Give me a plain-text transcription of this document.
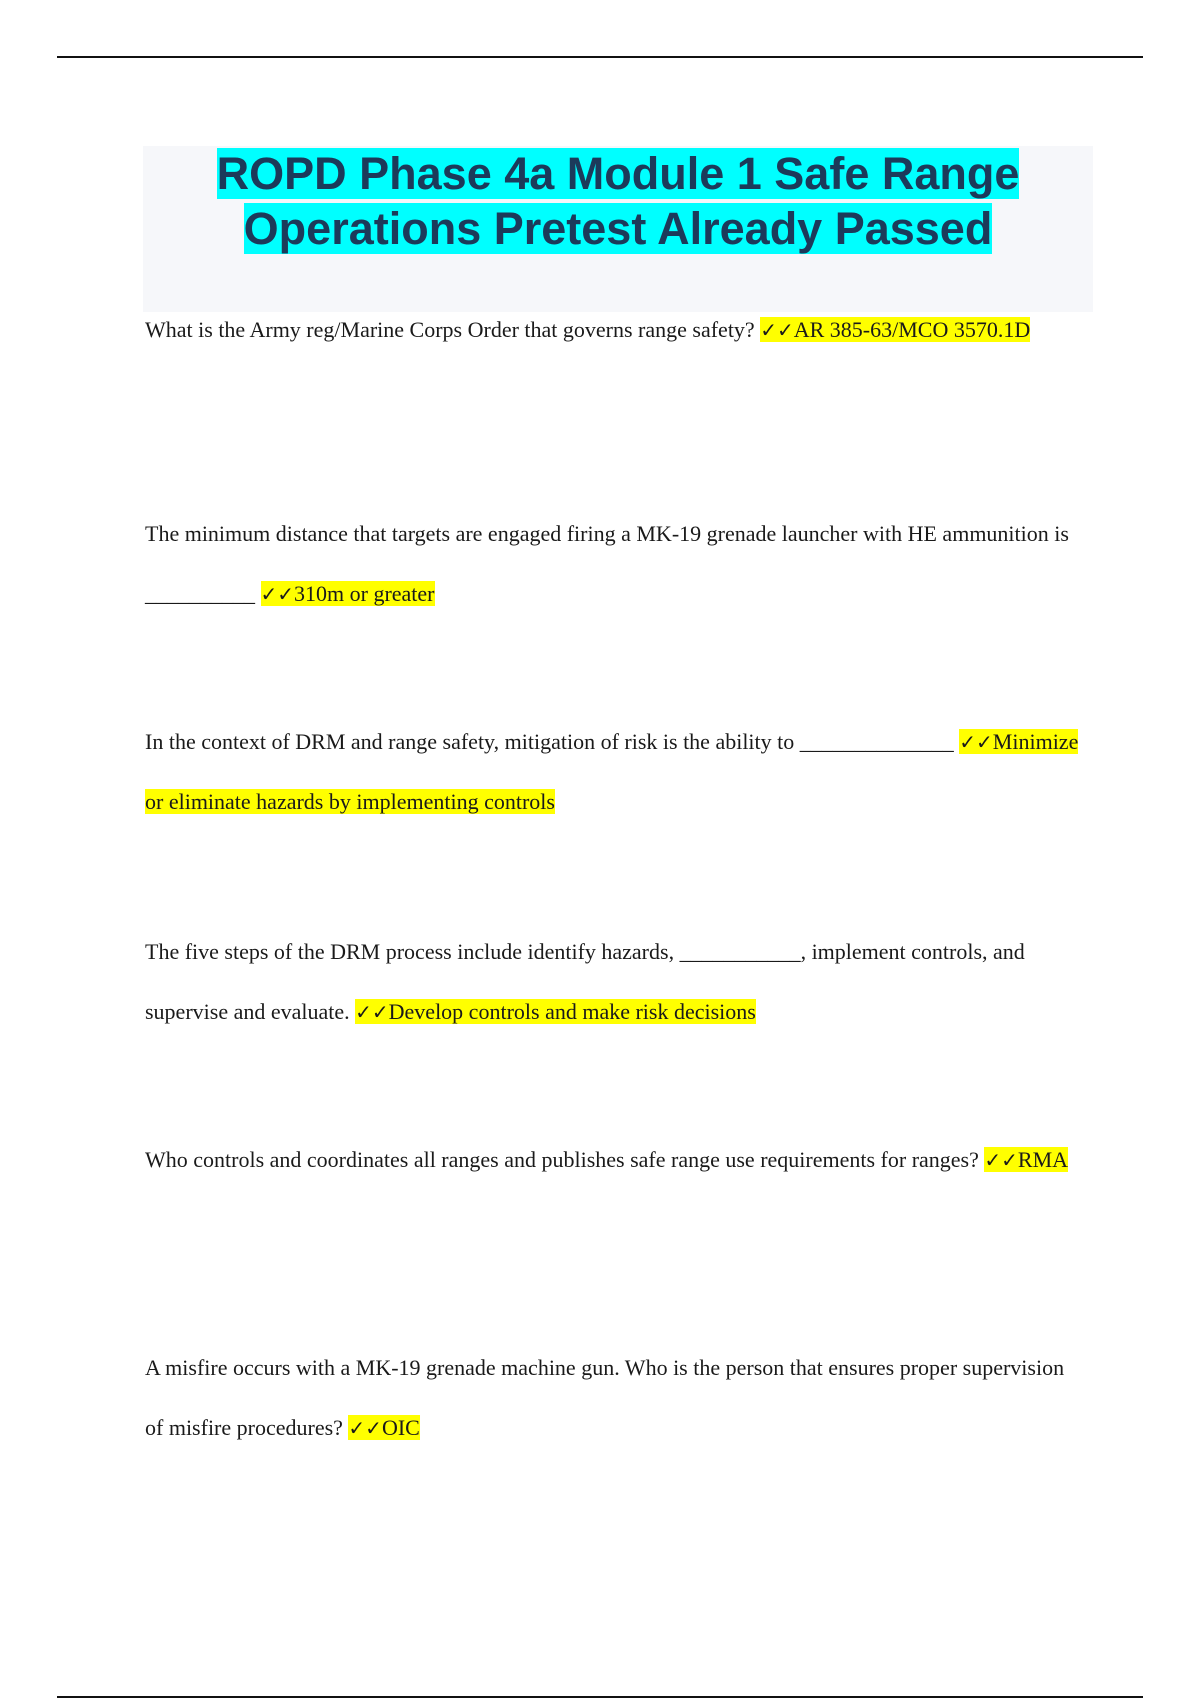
ROPD Phase 4a Module 1 Safe Range
Operations Pretest Already Passed
What is the Army reg/Marine Corps Order that governs range safety? ✓✓AR 385-63/MCO 3570.1D
The minimum distance that targets are engaged firing a MK-19 grenade launcher with HE ammunition is __________ ✓✓310m or greater
In the context of DRM and range safety, mitigation of risk is the ability to ______________ ✓✓Minimize or eliminate hazards by implementing controls
The five steps of the DRM process include identify hazards, ___________, implement controls, and supervise and evaluate. ✓✓Develop controls and make risk decisions
Who controls and coordinates all ranges and publishes safe range use requirements for ranges? ✓✓RMA
A misfire occurs with a MK-19 grenade machine gun. Who is the person that ensures proper supervision of misfire procedures? ✓✓OIC
